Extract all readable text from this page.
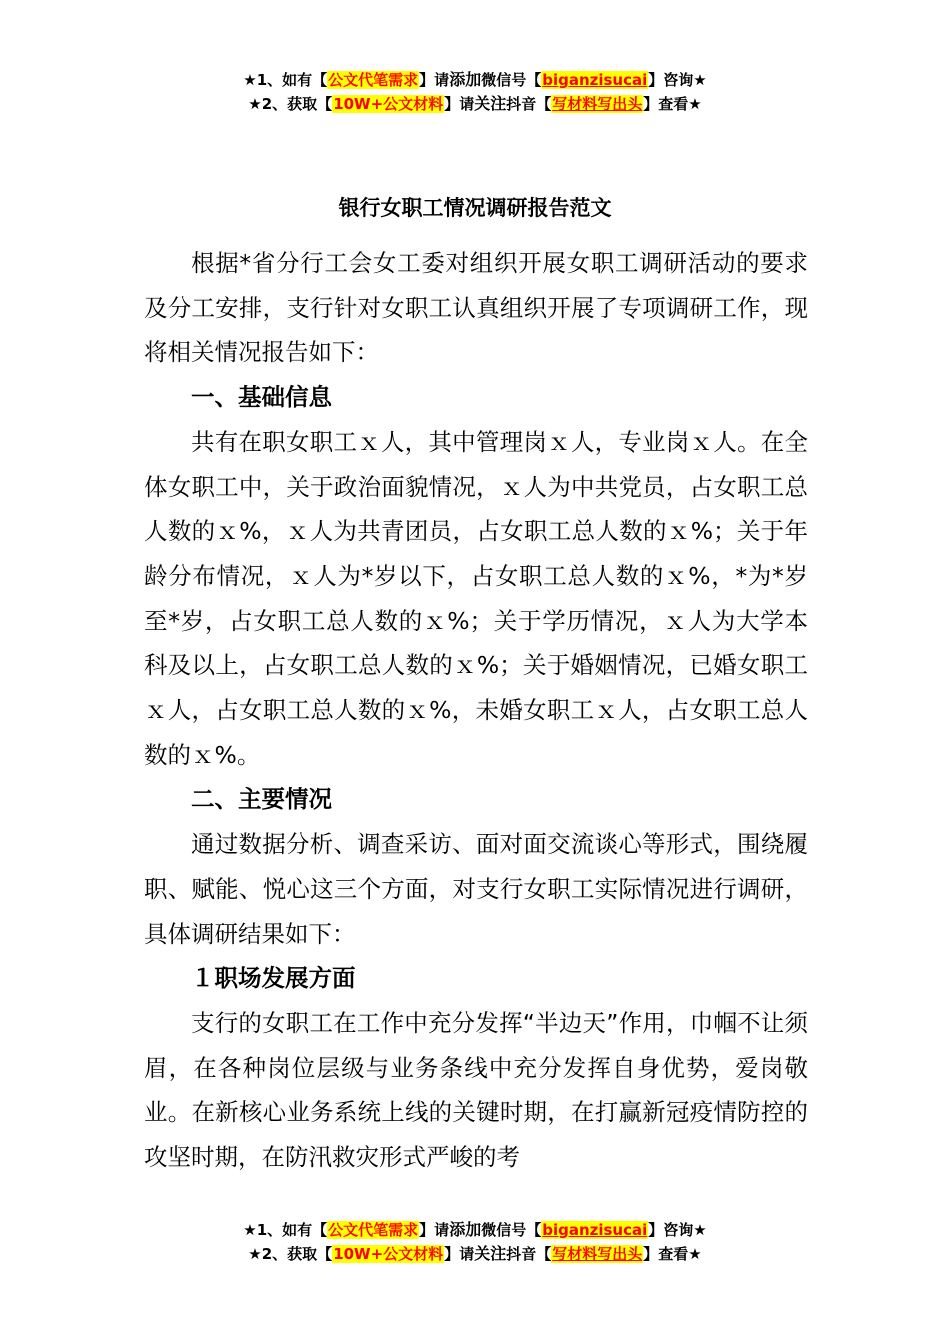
★1、如有【公文代笔需求】请添加微信号【biganzisucai】咨询★
★2、获取【10W+公文材料】请关注抖音【写材料写出头】查看★
银行女职工情况调研报告范文

根据*省分行工会女工委对组织开展女职工调研活动的要求及分工安排，支行针对女职工认真组织开展了专项调研工作，现将相关情况报告如下：

一、基础信息

共有在职女职工ｘ人，其中管理岗ｘ人，专业岗ｘ人。在全体女职工中，关于政治面貌情况，ｘ人为中共党员，占女职工总人数的ｘ%，ｘ人为共青团员，占女职工总人数的ｘ%；关于年龄分布情况，ｘ人为*岁以下，占女职工总人数的ｘ%，*为*岁至*岁，占女职工总人数的ｘ%；关于学历情况，ｘ人为大学本科及以上，占女职工总人数的ｘ%；关于婚姻情况，已婚女职工ｘ人，占女职工总人数的ｘ%，未婚女职工ｘ人，占女职工总人数的ｘ%。

二、主要情况

通过数据分析、调查采访、面对面交流谈心等形式，围绕履职、赋能、悦心这三个方面，对支行女职工实际情况进行调研，具体调研结果如下：

１职场发展方面

支行的女职工在工作中充分发挥“半边天”作用，巾帼不让须眉，在各种岗位层级与业务条线中充分发挥自身优势，爱岗敬业。在新核心业务系统上线的关键时期，在打赢新冠疫情防控的攻坚时期，在防汛救灾形式严峻的考

★1、如有【公文代笔需求】请添加微信号【biganzisucai】咨询★
★2、获取【10W+公文材料】请关注抖音【写材料写出头】查看★
